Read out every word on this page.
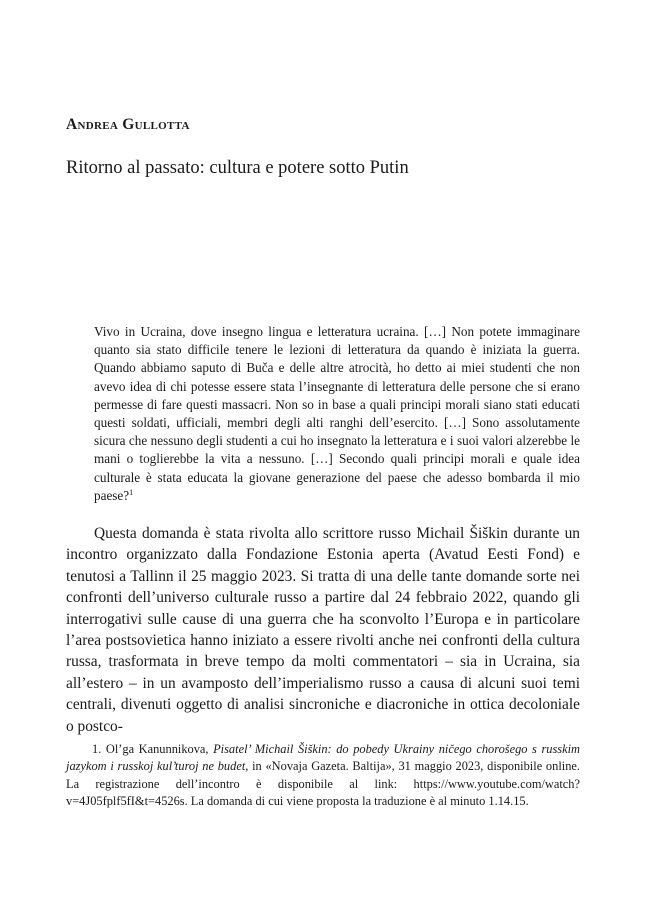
Andrea Gullotta
Ritorno al passato: cultura e potere sotto Putin

Vivo in Ucraina, dove insegno lingua e letteratura ucraina. […] Non potete immaginare quanto sia stato difficile tenere le lezioni di letteratura da quando è iniziata la guerra. Quando abbiamo saputo di Buča e delle altre atrocità, ho detto ai miei studenti che non avevo idea di chi potesse essere stata l’insegnante di letteratura delle persone che si erano permesse di fare questi massacri. Non so in base a quali principi morali siano stati educati questi soldati, ufficiali, membri degli alti ranghi dell’esercito. […] Sono assolutamente sicura che nessuno degli studenti a cui ho insegnato la letteratura e i suoi valori alzerebbe le mani o toglierebbe la vita a nessuno. […] Secondo quali principi morali e quale idea culturale è stata educata la giovane generazione del paese che adesso bombarda il mio paese?$^1$

Questa domanda è stata rivolta allo scrittore russo Michail Šiškin durante un incontro organizzato dalla Fondazione Estonia aperta (Avatud Eesti Fond) e tenutosi a Tallinn il 25 maggio 2023. Si tratta di una delle tante domande sorte nei confronti dell’universo culturale russo a partire dal 24 febbraio 2022, quando gli interrogativi sulle cause di una guerra che ha sconvolto l’Europa e in particolare l’area postsovietica hanno iniziato a essere rivolti anche nei confronti della cultura russa, trasformata in breve tempo da molti commentatori – sia in Ucraina, sia all’estero – in un avamposto dell’imperialismo russo a causa di alcuni suoi temi centrali, divenuti oggetto di analisi sincroniche e diacroniche in ottica decoloniale o postco-

1. Ol’ga Kanunnikova, Pisatel’ Michail Šiškin: do pobedy Ukrainy ničego chorošego s russkim jazykom i russkoj kul’turoj ne budet, in «Novaja Gazeta. Baltija», 31 maggio 2023, disponibile online. La registrazione dell’incontro è disponibile al link: https://www.youtube.com/watch?v=4J05fplf5fI&t=4526s. La domanda di cui viene proposta la traduzione è al minuto 1.14.15.
